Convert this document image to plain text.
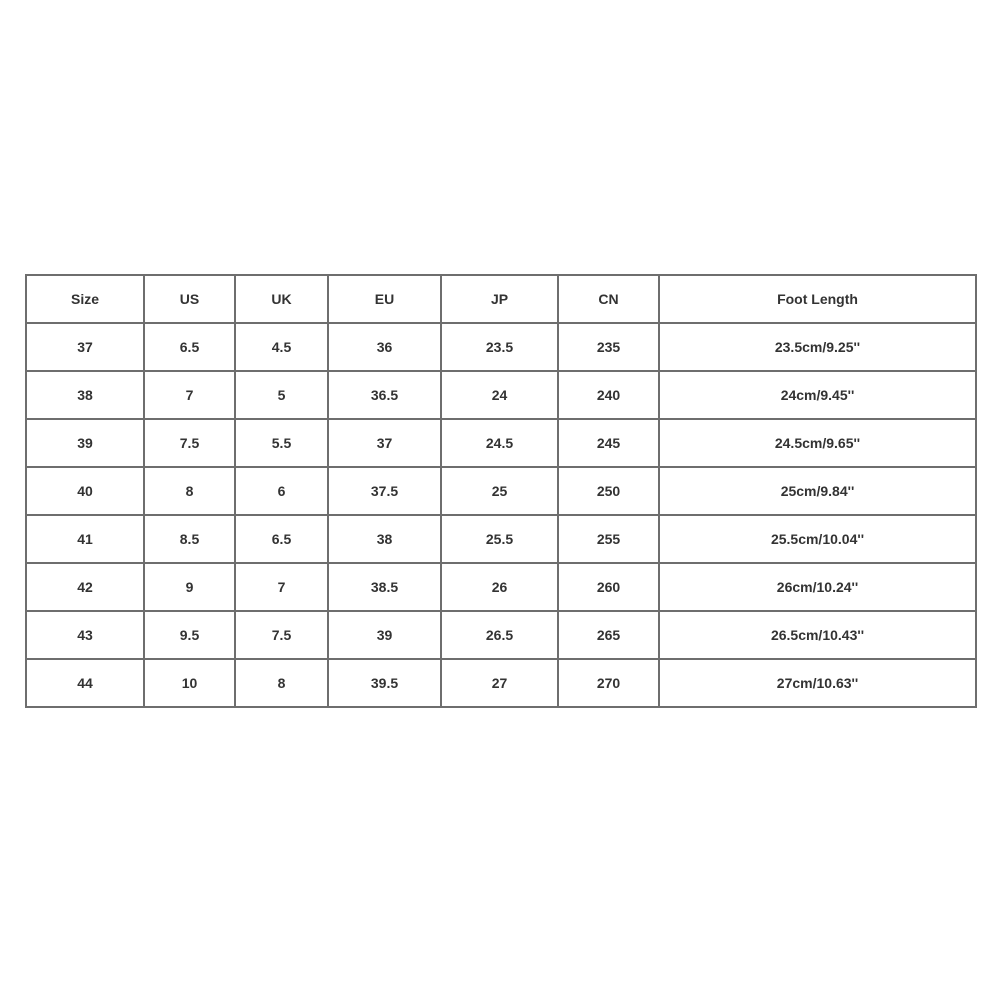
Size	US	UK	EU	JP	CN	Foot Length
37	6.5	4.5	36	23.5	235	23.5cm/9.25''
38	7	5	36.5	24	240	24cm/9.45''
39	7.5	5.5	37	24.5	245	24.5cm/9.65''
40	8	6	37.5	25	250	25cm/9.84''
41	8.5	6.5	38	25.5	255	25.5cm/10.04''
42	9	7	38.5	26	260	26cm/10.24''
43	9.5	7.5	39	26.5	265	26.5cm/10.43''
44	10	8	39.5	27	270	27cm/10.63''
